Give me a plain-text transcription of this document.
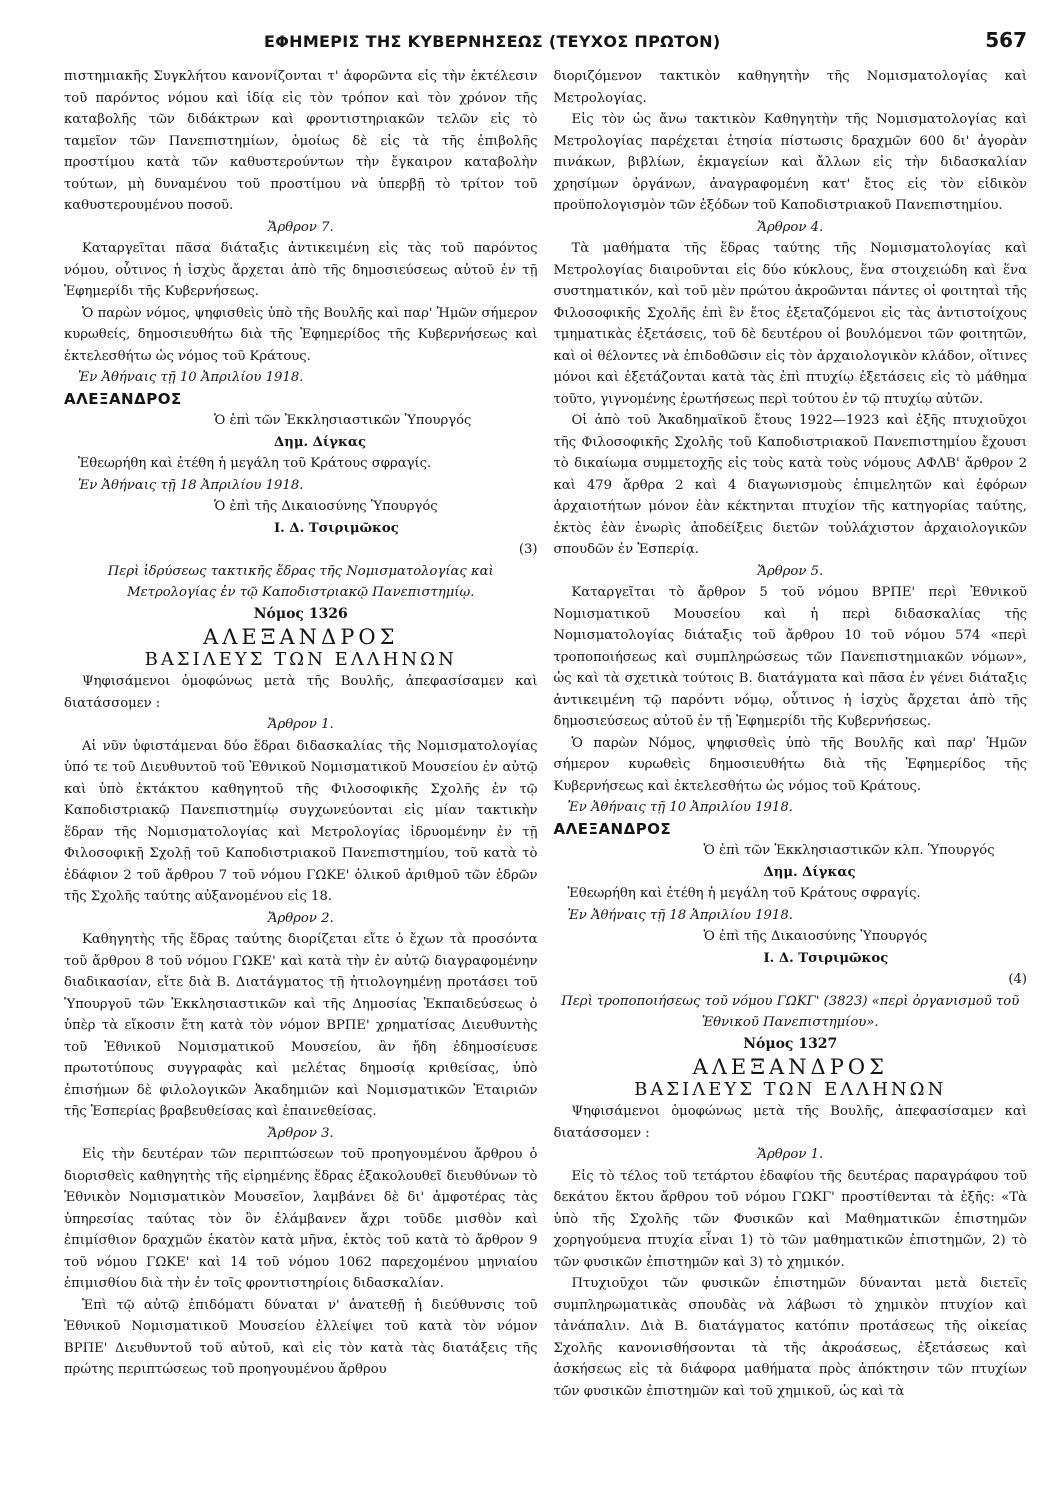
ΕΦΗΜΕΡΙΣ ΤΗΣ ΚΥΒΕΡΝΗΣΕΩΣ (ΤΕΥΧΟΣ ΠΡΩΤΟΝ)	567

πιστημιακῆς Συγκλήτου κανονίζονται τ' ἀφορῶντα εἰς τὴν ἐκτέλεσιν τοῦ παρόντος νόμου καὶ ἰδίᾳ εἰς τὸν τρόπον καὶ τὸν χρόνον τῆς καταβολῆς τῶν διδάκτρων καὶ φροντιστηριακῶν τελῶν εἰς τὸ ταμεῖον τῶν Πανεπιστημίων, ὁμοίως δὲ εἰς τὰ τῆς ἐπιβολῆς προστίμου κατὰ τῶν καθυστερούντων τὴν ἔγκαιρον καταβολὴν τούτων, μὴ δυναμένου τοῦ προστίμου νὰ ὑπερβῇ τὸ τρίτον τοῦ καθυστερουμένου ποσοῦ.

Ἄρθρον 7.

Καταργεῖται πᾶσα διάταξις ἀντικειμένη εἰς τὰς τοῦ παρόντος νόμου, οὗτινος ἡ ἰσχὺς ἄρχεται ἀπὸ τῆς δημοσιεύσεως αὐτοῦ ἐν τῇ Ἐφημερίδι τῆς Κυβερνήσεως.

Ὁ παρὼν νόμος, ψηφισθεὶς ὑπὸ τῆς Βουλῆς καὶ παρ' Ἡμῶν σήμερον κυρωθείς, δημοσιευθήτω διὰ τῆς Ἐφημερίδος τῆς Κυβερνήσεως καὶ ἐκτελεσθήτω ὡς νόμος τοῦ Κράτους.

Ἐν Ἀθήναις τῇ 10 Ἀπριλίου 1918.

ΑΛΕΞΑΝΔΡΟΣ

Ὁ ἐπὶ τῶν Ἐκκλησιαστικῶν Ὑπουργός

Δημ. Δίγκας

Ἐθεωρήθη καὶ ἐτέθη ἡ μεγάλη τοῦ Κράτους σφραγίς.

Ἐν Ἀθήναις τῇ 18 Ἀπριλίου 1918.

Ὁ ἐπὶ τῆς Δικαιοσύνης Ὑπουργός

Ι. Δ. Τσιριμῶκος

(3)

Περὶ ἱδρύσεως τακτικῆς ἕδρας τῆς Νομισματολογίας καὶ Μετρολογίας ἐν τῷ Καποδιστριακῷ Πανεπιστημίῳ.

Νόμος 1326

ΑΛΕΞΑΝΔΡΟΣ

ΒΑΣΙΛΕΥΣ ΤΩΝ ΕΛΛΗΝΩΝ

Ψηφισάμενοι ὁμοφώνως μετὰ τῆς Βουλῆς, ἀπεφασίσαμεν καὶ διατάσσομεν :

Ἄρθρον 1.

Αἱ νῦν ὑφιστάμεναι δύο ἕδραι διδασκαλίας τῆς Νομισματολογίας ὑπό τε τοῦ Διευθυντοῦ τοῦ Ἐθνικοῦ Νομισματικοῦ Μουσείου ἐν αὐτῷ καὶ ὑπὸ ἐκτάκτου καθηγητοῦ τῆς Φιλοσοφικῆς Σχολῆς ἐν τῷ Καποδιστριακῷ Πανεπιστημίῳ συγχωνεύονται εἰς μίαν τακτικὴν ἕδραν τῆς Νομισματολογίας καὶ Μετρολογίας ἱδρυομένην ἐν τῇ Φιλοσοφικῇ Σχολῇ τοῦ Καποδιστριακοῦ Πανεπιστημίου, τοῦ κατὰ τὸ ἐδάφιον 2 τοῦ ἄρθρου 7 τοῦ νόμου ΓΩΚΕ' ὁλικοῦ ἀριθμοῦ τῶν ἑδρῶν τῆς Σχολῆς ταύτης αὐξανομένου εἰς 18.

Ἄρθρον 2.

Καθηγητὴς τῆς ἕδρας ταύτης διορίζεται εἴτε ὁ ἔχων τὰ προσόντα τοῦ ἄρθρου 8 τοῦ νόμου ΓΩΚΕ' καὶ κατὰ τὴν ἐν αὐτῷ διαγραφομένην διαδικασίαν, εἴτε διὰ Β. Διατάγματος τῇ ἠτιολογημένῃ προτάσει τοῦ Ὑπουργοῦ τῶν Ἐκκλησιαστικῶν καὶ τῆς Δημοσίας Ἐκπαιδεύσεως ὁ ὑπὲρ τὰ εἴκοσιν ἔτη κατὰ τὸν νόμον ΒΡΠΕ' χρηματίσας Διευθυντὴς τοῦ Ἐθνικοῦ Νομισματικοῦ Μουσείου, ἂν ἤδη ἐδημοσίευσε πρωτοτύπους συγγραφὰς καὶ μελέτας δημοσίᾳ κριθείσας, ὑπὸ ἐπισήμων δὲ φιλολογικῶν Ἀκαδημιῶν καὶ Νομισματικῶν Ἑταιριῶν τῆς Ἑσπερίας βραβευθείσας καὶ ἐπαινεθείσας.

Ἄρθρον 3.

Εἰς τὴν δευτέραν τῶν περιπτώσεων τοῦ προηγουμένου ἄρθρου ὁ διορισθεὶς καθηγητὴς τῆς εἰρημένης ἕδρας ἐξακολουθεῖ διευθύνων τὸ Ἐθνικὸν Νομισματικὸν Μουσεῖον, λαμβάνει δὲ δι' ἀμφοτέρας τὰς ὑπηρεσίας ταύτας τὸν ὃν ἐλάμβανεν ἄχρι τοῦδε μισθὸν καὶ ἐπιμίσθιον δραχμῶν ἑκατὸν κατὰ μῆνα, ἐκτὸς τοῦ κατὰ τὸ ἄρθρον 9 τοῦ νόμου ΓΩΚΕ' καὶ 14 τοῦ νόμου 1062 παρεχομένου μηνιαίου ἐπιμισθίου διὰ τὴν ἐν τοῖς φροντιστηρίοις διδασκαλίαν.

Ἐπὶ τῷ αὐτῷ ἐπιδόματι δύναται ν' ἀνατεθῇ ἡ διεύθυνσις τοῦ Ἐθνικοῦ Νομισματικοῦ Μουσείου ἐλλείψει τοῦ κατὰ τὸν νόμον ΒΡΠΕ' Διευθυντοῦ τοῦ αὐτοῦ, καὶ εἰς τὸν κατὰ τὰς διατάξεις τῆς πρώτης περιπτώσεως τοῦ προηγουμένου ἄρθρου

διοριζόμενον τακτικὸν καθηγητὴν τῆς Νομισματολογίας καὶ Μετρολογίας.

Εἰς τὸν ὡς ἄνω τακτικὸν Καθηγητὴν τῆς Νομισματολογίας καὶ Μετρολογίας παρέχεται ἐτησία πίστωσις δραχμῶν 600 δι' ἀγορὰν πινάκων, βιβλίων, ἐκμαγείων καὶ ἄλλων εἰς τὴν διδασκαλίαν χρησίμων ὀργάνων, ἀναγραφομένη κατ' ἔτος εἰς τὸν εἰδικὸν προϋπολογισμὸν τῶν ἐξόδων τοῦ Καποδιστριακοῦ Πανεπιστημίου.

Ἄρθρον 4.

Τὰ μαθήματα τῆς ἕδρας ταύτης τῆς Νομισματολογίας καὶ Μετρολογίας διαιροῦνται εἰς δύο κύκλους, ἕνα στοιχειώδη καὶ ἕνα συστηματικόν, καὶ τοῦ μὲν πρώτου ἀκροῶνται πάντες οἱ φοιτηταὶ τῆς Φιλοσοφικῆς Σχολῆς ἐπὶ ἓν ἔτος ἐξεταζόμενοι εἰς τὰς ἀντιστοίχους τμηματικὰς ἐξετάσεις, τοῦ δὲ δευτέρου οἱ βουλόμενοι τῶν φοιτητῶν, καὶ οἱ θέλοντες νὰ ἐπιδοθῶσιν εἰς τὸν ἀρχαιολογικὸν κλάδον, οἵτινες μόνοι καὶ ἐξετάζονται κατὰ τὰς ἐπὶ πτυχίῳ ἐξετάσεις εἰς τὸ μάθημα τοῦτο, γιγνομένης ἐρωτήσεως περὶ τούτου ἐν τῷ πτυχίῳ αὐτῶν.

Οἱ ἀπὸ τοῦ Ἀκαδημαϊκοῦ ἔτους 1922—1923 καὶ ἑξῆς πτυχιοῦχοι τῆς Φιλοσοφικῆς Σχολῆς τοῦ Καποδιστριακοῦ Πανεπιστημίου ἔχουσι τὸ δικαίωμα συμμετοχῆς εἰς τοὺς κατὰ τοὺς νόμους ΑΦΛΒ' ἄρθρον 2 καὶ 479 ἄρθρα 2 καὶ 4 διαγωνισμοὺς ἐπιμελητῶν καὶ ἐφόρων ἀρχαιοτήτων μόνον ἐὰν κέκτηνται πτυχίον τῆς κατηγορίας ταύτης, ἐκτὸς ἐὰν ἐνωρὶς ἀποδείξεις διετῶν τοὐλάχιστον ἀρχαιολογικῶν σπουδῶν ἐν Ἑσπερίᾳ.

Ἄρθρον 5.

Καταργεῖται τὸ ἄρθρον 5 τοῦ νόμου ΒΡΠΕ' περὶ Ἐθνικοῦ Νομισματικοῦ Μουσείου καὶ ἡ περὶ διδασκαλίας τῆς Νομισματολογίας διάταξις τοῦ ἄρθρου 10 τοῦ νόμου 574 «περὶ τροποποιήσεως καὶ συμπληρώσεως τῶν Πανεπιστημιακῶν νόμων», ὡς καὶ τὰ σχετικὰ τούτοις Β. διατάγματα καὶ πᾶσα ἐν γένει διάταξις ἀντικειμένη τῷ παρόντι νόμῳ, οὗτινος ἡ ἰσχὺς ἄρχεται ἀπὸ τῆς δημοσιεύσεως αὐτοῦ ἐν τῇ Ἐφημερίδι τῆς Κυβερνήσεως.

Ὁ παρὼν Νόμος, ψηφισθεὶς ὑπὸ τῆς Βουλῆς καὶ παρ' Ἡμῶν σήμερον κυρωθεὶς δημοσιευθήτω διὰ τῆς Ἐφημερίδος τῆς Κυβερνήσεως καὶ ἐκτελεσθήτω ὡς νόμος τοῦ Κράτους.

Ἐν Ἀθήναις τῇ 10 Ἀπριλίου 1918.

ΑΛΕΞΑΝΔΡΟΣ

Ὁ ἐπὶ τῶν Ἐκκλησιαστικῶν κλπ. Ὑπουργός

Δημ. Δίγκας

Ἐθεωρήθη καὶ ἐτέθη ἡ μεγάλη τοῦ Κράτους σφραγίς.

Ἐν Ἀθήναις τῇ 18 Ἀπριλίου 1918.

Ὁ ἐπὶ τῆς Δικαιοσύνης Ὑπουργός

Ι. Δ. Τσιριμῶκος

(4)

Περὶ τροποποιήσεως τοῦ νόμου ΓΩΚΓ' (3823) «περὶ ὀργανισμοῦ τοῦ Ἐθνικοῦ Πανεπιστημίου».

Νόμος 1327

ΑΛΕΞΑΝΔΡΟΣ

ΒΑΣΙΛΕΥΣ ΤΩΝ ΕΛΛΗΝΩΝ

Ψηφισάμενοι ὁμοφώνως μετὰ τῆς Βουλῆς, ἀπεφασίσαμεν καὶ διατάσσομεν :

Ἄρθρον 1.

Εἰς τὸ τέλος τοῦ τετάρτου ἐδαφίου τῆς δευτέρας παραγράφου τοῦ δεκάτου ἕκτου ἄρθρου τοῦ νόμου ΓΩΚΓ' προστίθενται τὰ ἑξῆς: «Τὰ ὑπὸ τῆς Σχολῆς τῶν Φυσικῶν καὶ Μαθηματικῶν ἐπιστημῶν χορηγούμενα πτυχία εἶναι 1) τὸ τῶν μαθηματικῶν ἐπιστημῶν, 2) τὸ τῶν φυσικῶν ἐπιστημῶν καὶ 3) τὸ χημικόν.

Πτυχιοῦχοι τῶν φυσικῶν ἐπιστημῶν δύνανται μετὰ διετεῖς συμπληρωματικὰς σπουδὰς νὰ λάβωσι τὸ χημικὸν πτυχίον καὶ τἀνάπαλιν. Διὰ Β. διατάγματος κατόπιν προτάσεως τῆς οἰκείας Σχολῆς κανονισθήσονται τὰ τῆς ἀκροάσεως, ἐξετάσεως καὶ ἀσκήσεως εἰς τὰ διάφορα μαθήματα πρὸς ἀπόκτησιν τῶν πτυχίων τῶν φυσικῶν ἐπιστημῶν καὶ τοῦ χημικοῦ, ὡς καὶ τὰ
